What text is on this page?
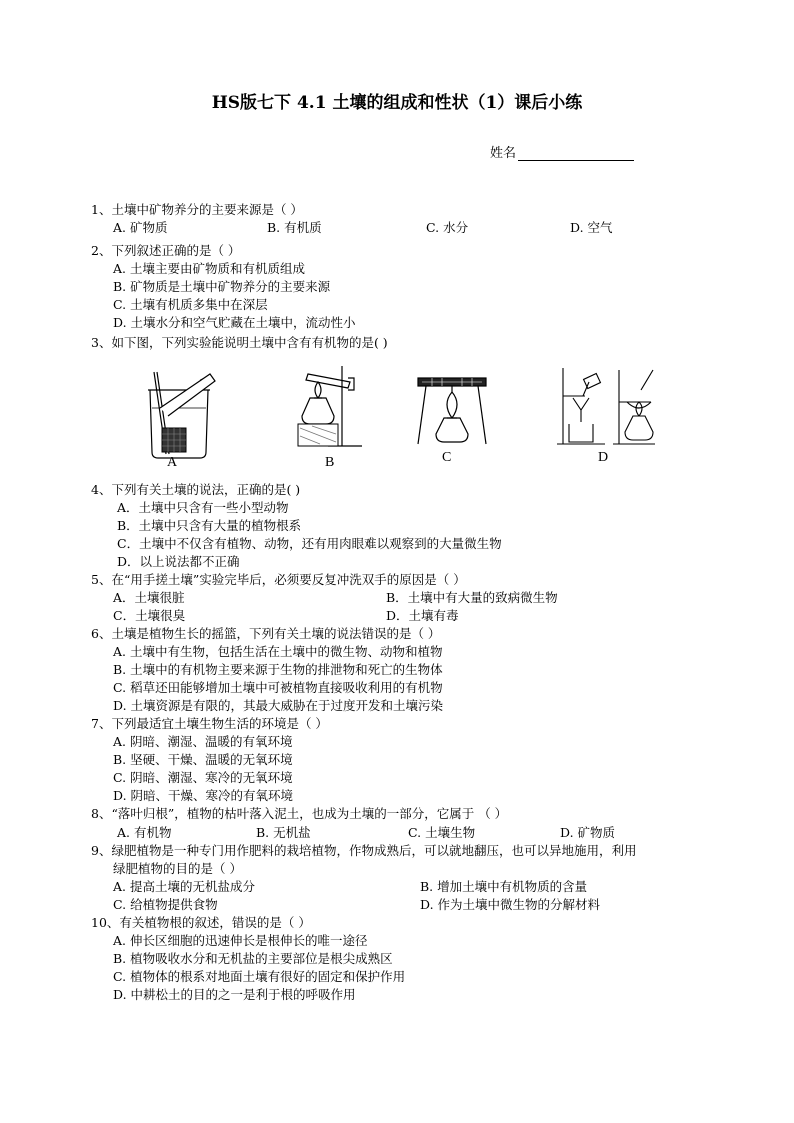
HS版七下 4.1 土壤的组成和性状（1）课后小练
姓名
1、土壤中矿物养分的主要来源是（ ）
A. 矿物质	B. 有机质	C. 水分	D. 空气
2、下列叙述正确的是（ ）
A. 土壤主要由矿物质和有机质组成
B. 矿物质是土壤中矿物养分的主要来源
C. 土壤有机质多集中在深层
D. 土壤水分和空气贮藏在土壤中，流动性小
3、如下图，下列实验能说明土壤中含有有机物的是( )
A	B	C	D
4、下列有关土壤的说法，正确的是( )
A．土壤中只含有一些小型动物
B．土壤中只含有大量的植物根系
C．土壤中不仅含有植物、动物，还有用肉眼难以观察到的大量微生物
D．以上说法都不正确
5、在“用手搓土壤”实验完毕后，必须要反复冲洗双手的原因是（ ）
A．土壤很脏	B．土壤中有大量的致病微生物
C．土壤很臭	D．土壤有毒
6、土壤是植物生长的摇篮，下列有关土壤的说法错误的是（ ）
A. 土壤中有生物，包括生活在土壤中的微生物、动物和植物
B. 土壤中的有机物主要来源于生物的排泄物和死亡的生物体
C. 稻草还田能够增加土壤中可被植物直接吸收利用的有机物
D. 土壤资源是有限的，其最大威胁在于过度开发和土壤污染
7、下列最适宜土壤生物生活的环境是（ ）
A. 阴暗、潮湿、温暖的有氧环境
B. 坚硬、干燥、温暖的无氧环境
C. 阴暗、潮湿、寒冷的无氧环境
D. 阴暗、干燥、寒冷的有氧环境
8、“落叶归根”，植物的枯叶落入泥土，也成为土壤的一部分，它属于 （ ）
A. 有机物	B. 无机盐	C. 土壤生物	D. 矿物质
9、绿肥植物是一种专门用作肥料的栽培植物，作物成熟后，可以就地翻压，也可以异地施用，利用
绿肥植物的目的是（ ）
A. 提高土壤的无机盐成分	B. 增加土壤中有机物质的含量
C. 给植物提供食物	D. 作为土壤中微生物的分解材料
10、有关植物根的叙述，错误的是（ ）
A. 伸长区细胞的迅速伸长是根伸长的唯一途径
B. 植物吸收水分和无机盐的主要部位是根尖成熟区
C. 植物体的根系对地面土壤有很好的固定和保护作用
D. 中耕松土的目的之一是利于根的呼吸作用
